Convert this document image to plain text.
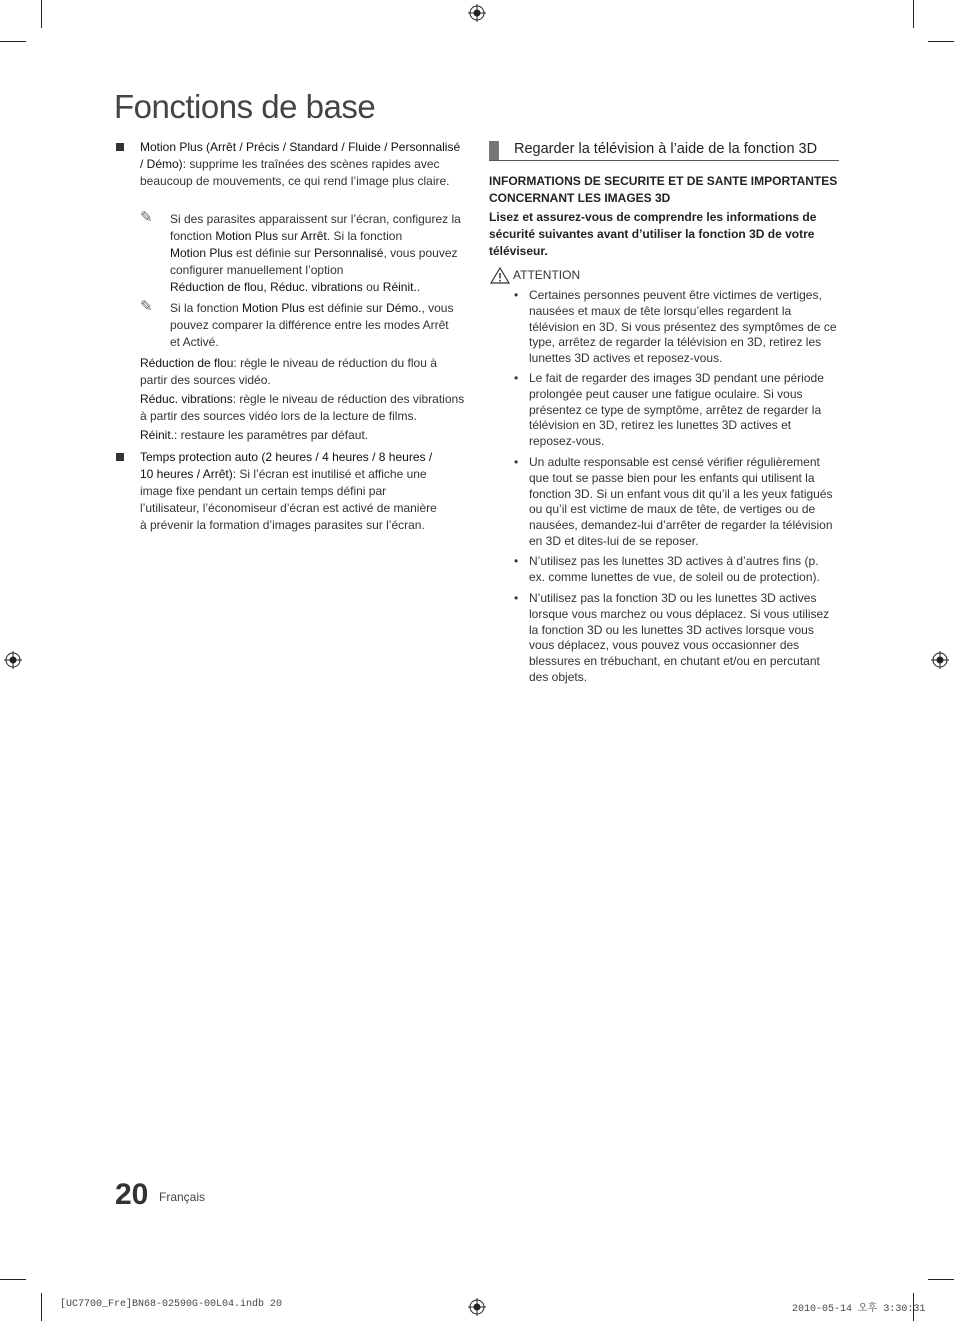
Fonctions de base
Motion Plus (Arrêt / Précis / Standard / Fluide / Personnalisé / Démo): supprime les traînées des scènes rapides avec beaucoup de mouvements, ce qui rend l’image plus claire.
✎ Si des parasites apparaissent sur l’écran, configurez la fonction Motion Plus sur Arrêt. Si la fonction
Motion Plus est définie sur Personnalisé, vous pouvez configurer manuellement l’option
Réduction de flou, Réduc. vibrations ou Réinit..
✎ Si la fonction Motion Plus est définie sur Démo., vous pouvez comparer la différence entre les modes Arrêt et Activé.
Réduction de flou: règle le niveau de réduction du flou à partir des sources vidéo.
Réduc. vibrations: règle le niveau de réduction des vibrations à partir des sources vidéo lors de la lecture de films.
Réinit.: restaure les paramètres par défaut.
Temps protection auto (2 heures / 4 heures / 8 heures / 10 heures / Arrêt): Si l’écran est inutilisé et affiche une image fixe pendant un certain temps défini par l’utilisateur, l’économiseur d’écran est activé de manière à prévenir la formation d’images parasites sur l’écran.
Regarder la télévision à l’aide de la fonction 3D
INFORMATIONS DE SECURITE ET DE SANTE IMPORTANTES CONCERNANT LES IMAGES 3D
Lisez et assurez-vous de comprendre les informations de sécurité suivantes avant d’utiliser la fonction 3D de votre téléviseur.
ATTENTION
• Certaines personnes peuvent être victimes de vertiges, nausées et maux de tête lorsqu’elles regardent la télévision en 3D. Si vous présentez des symptômes de ce type, arrêtez de regarder la télévision en 3D, retirez les lunettes 3D actives et reposez-vous.
• Le fait de regarder des images 3D pendant une période prolongée peut causer une fatigue oculaire. Si vous présentez ce type de symptôme, arrêtez de regarder la télévision en 3D, retirez les lunettes 3D actives et reposez-vous.
• Un adulte responsable est censé vérifier régulièrement que tout se passe bien pour les enfants qui utilisent la fonction 3D. Si un enfant vous dit qu’il a les yeux fatigués ou qu’il est victime de maux de tête, de vertiges ou de nausées, demandez-lui d’arrêter de regarder la télévision en 3D et dites-lui de se reposer.
• N’utilisez pas les lunettes 3D actives à d’autres fins (p. ex. comme lunettes de vue, de soleil ou de protection).
• N’utilisez pas la fonction 3D ou les lunettes 3D actives lorsque vous marchez ou vous déplacez. Si vous utilisez la fonction 3D ou les lunettes 3D actives lorsque vous vous déplacez, vous pouvez vous occasionner des blessures en trébuchant, en chutant et/ou en percutant des objets.
20 Français
[UC7700_Fre]BN68-02590G-00L04.indb 20	2010-05-14 오후 3:30:31
